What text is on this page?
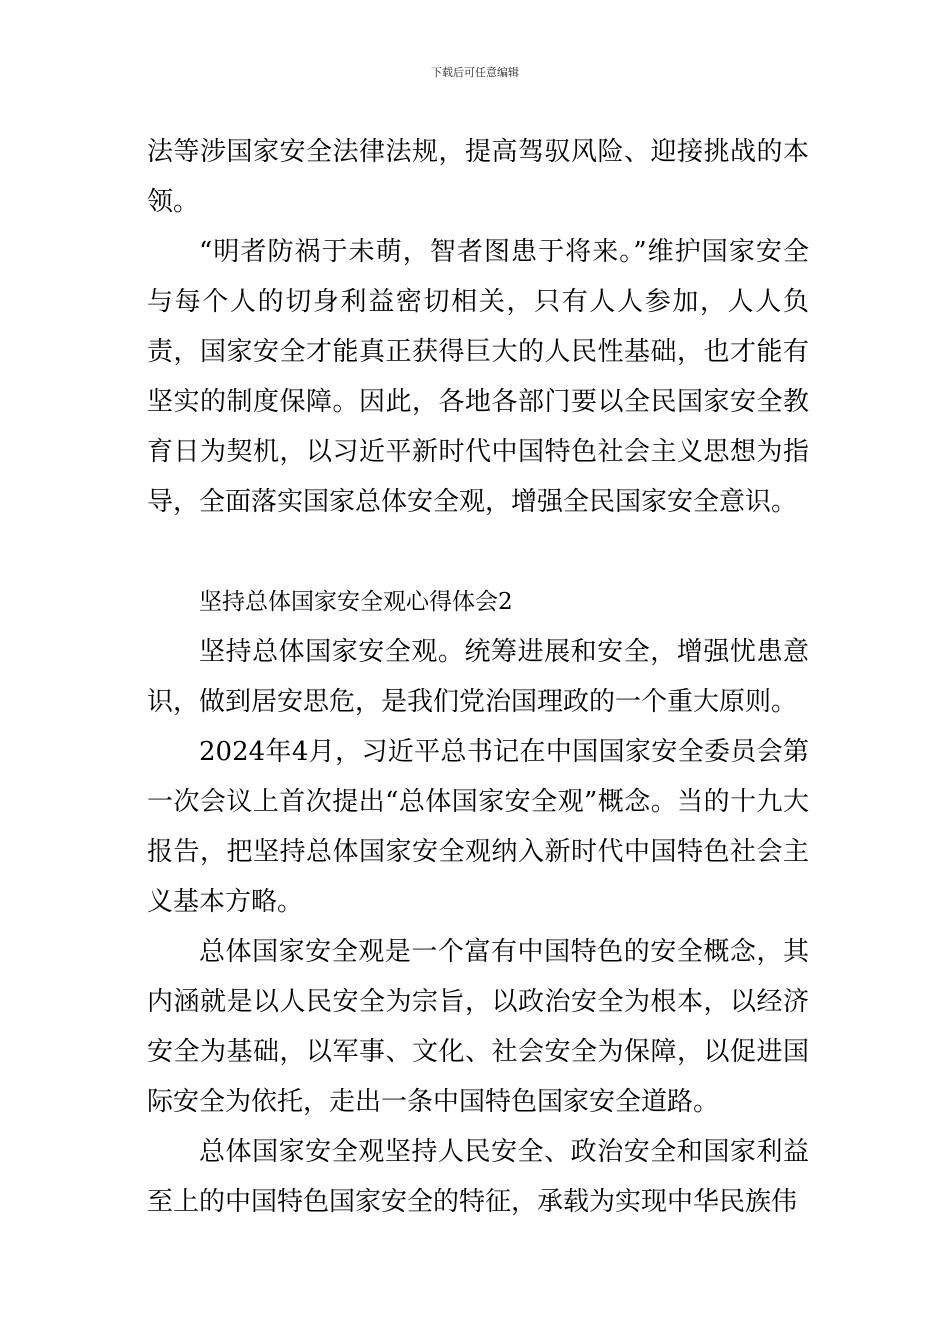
下载后可任意编辑

法等涉国家安全法律法规，提高驾驭风险、迎接挑战的本领。

“明者防祸于未萌，智者图患于将来。”维护国家安全与每个人的切身利益密切相关，只有人人参加，人人负责，国家安全才能真正获得巨大的人民性基础，也才能有坚实的制度保障。因此，各地各部门要以全民国家安全教育日为契机，以习近平新时代中国特色社会主义思想为指导，全面落实国家总体安全观，增强全民国家安全意识。

坚持总体国家安全观心得体会2

坚持总体国家安全观。统筹进展和安全，增强忧患意识，做到居安思危，是我们党治国理政的一个重大原则。

2024年4月，习近平总书记在中国国家安全委员会第一次会议上首次提出“总体国家安全观”概念。当的十九大报告，把坚持总体国家安全观纳入新时代中国特色社会主义基本方略。

总体国家安全观是一个富有中国特色的安全概念，其内涵就是以人民安全为宗旨，以政治安全为根本，以经济安全为基础，以军事、文化、社会安全为保障，以促进国际安全为依托，走出一条中国特色国家安全道路。

总体国家安全观坚持人民安全、政治安全和国家利益至上的中国特色国家安全的特征，承载为实现中华民族伟
